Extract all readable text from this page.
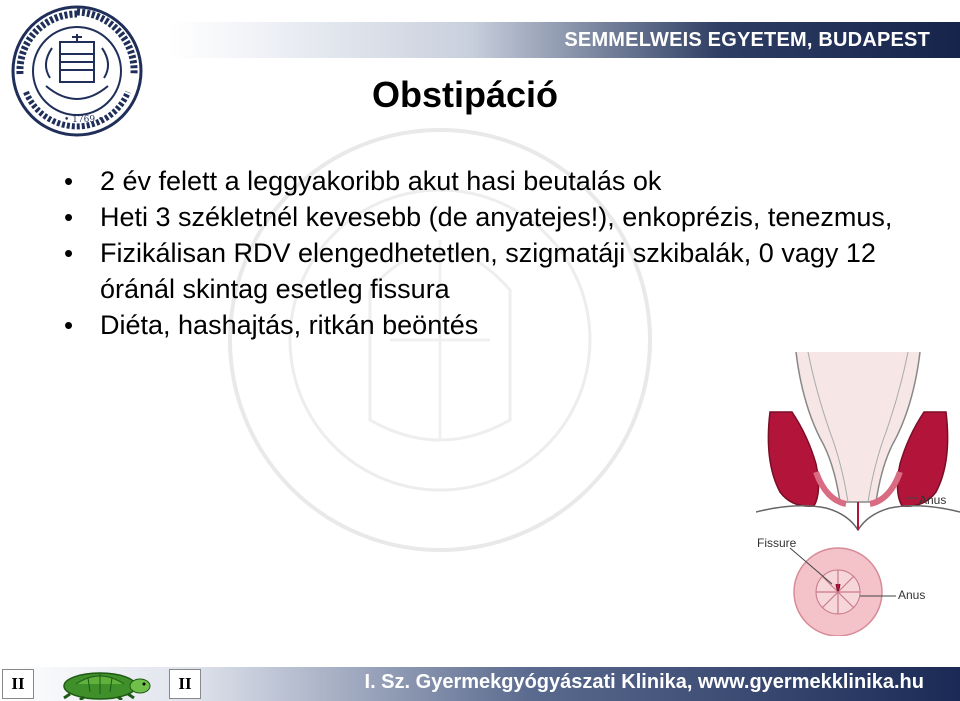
SEMMELWEIS EGYETEM, BUDAPEST
• 1769 •
Obstipáció

• 2 év felett a leggyakoribb akut hasi beutalás ok

• Heti 3 székletnél kevesebb (de anyatejes!), enkoprézis, tenezmus,

• Fizikálisan RDV elengedhetetlen, szigmatáji szkibalák, 0 vagy 12 óránál skintag esetleg fissura

• Diéta, hashajtás, ritkán beöntés

Anus
Fissure
Anus
II	II	I. Sz. Gyermekgyógyászati Klinika, www.gyermekklinika.hu
